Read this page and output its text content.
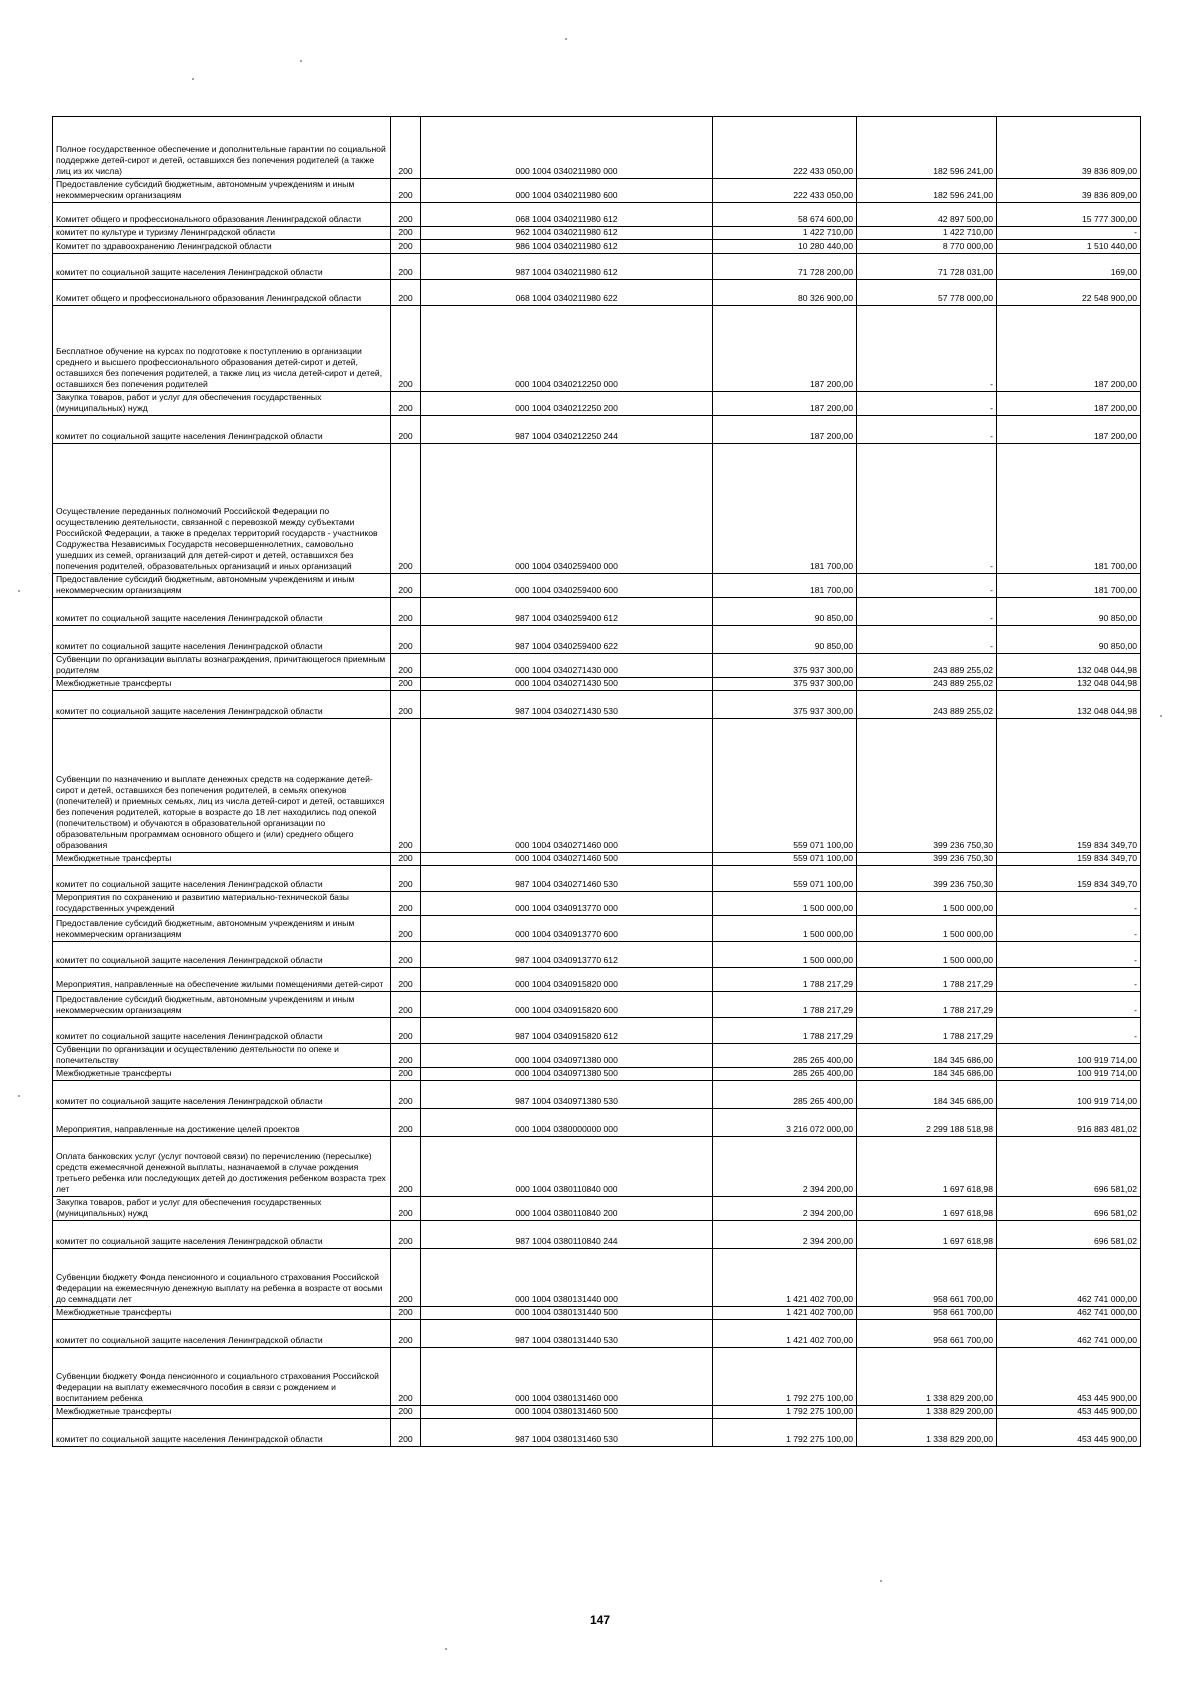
Полное государственное обеспечение и дополнительные гарантии по социальной поддержке детей-сирот и детей, оставшихся без попечения родителей (а также лиц из их числа)	200	000 1004 0340211980 000	222 433 050,00	182 596 241,00	39 836 809,00
Предоставление субсидий бюджетным, автономным учреждениям и иным некоммерческим организациям	200	000 1004 0340211980 600	222 433 050,00	182 596 241,00	39 836 809,00
Комитет общего и профессионального образования Ленинградской области	200	068 1004 0340211980 612	58 674 600,00	42 897 500,00	15 777 300,00
комитет по культуре и туризму Ленинградской области	200	962 1004 0340211980 612	1 422 710,00	1 422 710,00	-
Комитет по здравоохранению Ленинградской области	200	986 1004 0340211980 612	10 280 440,00	8 770 000,00	1 510 440,00
комитет по социальной защите населения Ленинградской области	200	987 1004 0340211980 612	71 728 200,00	71 728 031,00	169,00
Комитет общего и профессионального образования Ленинградской области	200	068 1004 0340211980 622	80 326 900,00	57 778 000,00	22 548 900,00
Бесплатное обучение на курсах по подготовке к поступлению в организации среднего и высшего профессионального образования детей-сирот и детей, оставшихся без попечения родителей, а также лиц из числа детей-сирот и детей, оставшихся без попечения родителей	200	000 1004 0340212250 000	187 200,00	-	187 200,00
Закупка товаров, работ и услуг для обеспечения государственных (муниципальных) нужд	200	000 1004 0340212250 200	187 200,00	-	187 200,00
комитет по социальной защите населения Ленинградской области	200	987 1004 0340212250 244	187 200,00	-	187 200,00
Осуществление переданных полномочий Российской Федерации по осуществлению деятельности, связанной с перевозкой между субъектами Российской Федерации, а также в пределах территорий государств - участников Содружества Независимых Государств несовершеннолетних, самовольно ушедших из семей, организаций для детей-сирот и детей, оставшихся без попечения родителей, образовательных организаций и иных организаций	200	000 1004 0340259400 000	181 700,00	-	181 700,00
Предоставление субсидий бюджетным, автономным учреждениям и иным некоммерческим организациям	200	000 1004 0340259400 600	181 700,00	-	181 700,00
комитет по социальной защите населения Ленинградской области	200	987 1004 0340259400 612	90 850,00	-	90 850,00
комитет по социальной защите населения Ленинградской области	200	987 1004 0340259400 622	90 850,00	-	90 850,00
Субвенции по организации выплаты вознаграждения, причитающегося приемным родителям	200	000 1004 0340271430 000	375 937 300,00	243 889 255,02	132 048 044,98
Межбюджетные трансферты	200	000 1004 0340271430 500	375 937 300,00	243 889 255,02	132 048 044,98
комитет по социальной защите населения Ленинградской области	200	987 1004 0340271430 530	375 937 300,00	243 889 255,02	132 048 044,98
Субвенции по назначению и выплате денежных средств на содержание детей-сирот и детей, оставшихся без попечения родителей, в семьях опекунов (попечителей) и приемных семьях, лиц из числа детей-сирот и детей, оставшихся без попечения родителей, которые в возрасте до 18 лет находились под опекой (попечительством) и обучаются в образовательной организации по образовательным программам основного общего и (или) среднего общего образования	200	000 1004 0340271460 000	559 071 100,00	399 236 750,30	159 834 349,70
Межбюджетные трансферты	200	000 1004 0340271460 500	559 071 100,00	399 236 750,30	159 834 349,70
комитет по социальной защите населения Ленинградской области	200	987 1004 0340271460 530	559 071 100,00	399 236 750,30	159 834 349,70
Мероприятия по сохранению и развитию материально-технической базы государственных учреждений	200	000 1004 0340913770 000	1 500 000,00	1 500 000,00	-
Предоставление субсидий бюджетным, автономным учреждениям и иным некоммерческим организациям	200	000 1004 0340913770 600	1 500 000,00	1 500 000,00	-
комитет по социальной защите населения Ленинградской области	200	987 1004 0340913770 612	1 500 000,00	1 500 000,00	-
Мероприятия, направленные на обеспечение жилыми помещениями детей-сирот	200	000 1004 0340915820 000	1 788 217,29	1 788 217,29	-
Предоставление субсидий бюджетным, автономным учреждениям и иным некоммерческим организациям	200	000 1004 0340915820 600	1 788 217,29	1 788 217,29	-
комитет по социальной защите населения Ленинградской области	200	987 1004 0340915820 612	1 788 217,29	1 788 217,29	-
Субвенции по организации и осуществлению деятельности по опеке и попечительству	200	000 1004 0340971380 000	285 265 400,00	184 345 686,00	100 919 714,00
Межбюджетные трансферты	200	000 1004 0340971380 500	285 265 400,00	184 345 686,00	100 919 714,00
комитет по социальной защите населения Ленинградской области	200	987 1004 0340971380 530	285 265 400,00	184 345 686,00	100 919 714,00
Мероприятия, направленные на достижение целей проектов	200	000 1004 0380000000 000	3 216 072 000,00	2 299 188 518,98	916 883 481,02
Оплата банковских услуг (услуг почтовой связи) по перечислению (пересылке) средств ежемесячной денежной выплаты, назначаемой в случае рождения третьего ребенка или последующих детей до достижения ребенком возраста трех лет	200	000 1004 0380110840 000	2 394 200,00	1 697 618,98	696 581,02
Закупка товаров, работ и услуг для обеспечения государственных (муниципальных) нужд	200	000 1004 0380110840 200	2 394 200,00	1 697 618,98	696 581,02
комитет по социальной защите населения Ленинградской области	200	987 1004 0380110840 244	2 394 200,00	1 697 618,98	696 581,02
Субвенции бюджету Фонда пенсионного и социального страхования Российской Федерации на ежемесячную денежную выплату на ребенка в возрасте от восьми до семнадцати лет	200	000 1004 0380131440 000	1 421 402 700,00	958 661 700,00	462 741 000,00
Межбюджетные трансферты	200	000 1004 0380131440 500	1 421 402 700,00	958 661 700,00	462 741 000,00
комитет по социальной защите населения Ленинградской области	200	987 1004 0380131440 530	1 421 402 700,00	958 661 700,00	462 741 000,00
Субвенции бюджету Фонда пенсионного и социального страхования Российской Федерации на выплату ежемесячного пособия в связи с рождением и воспитанием ребенка	200	000 1004 0380131460 000	1 792 275 100,00	1 338 829 200,00	453 445 900,00
Межбюджетные трансферты	200	000 1004 0380131460 500	1 792 275 100,00	1 338 829 200,00	453 445 900,00
комитет по социальной защите населения Ленинградской области	200	987 1004 0380131460 530	1 792 275 100,00	1 338 829 200,00	453 445 900,00
147
